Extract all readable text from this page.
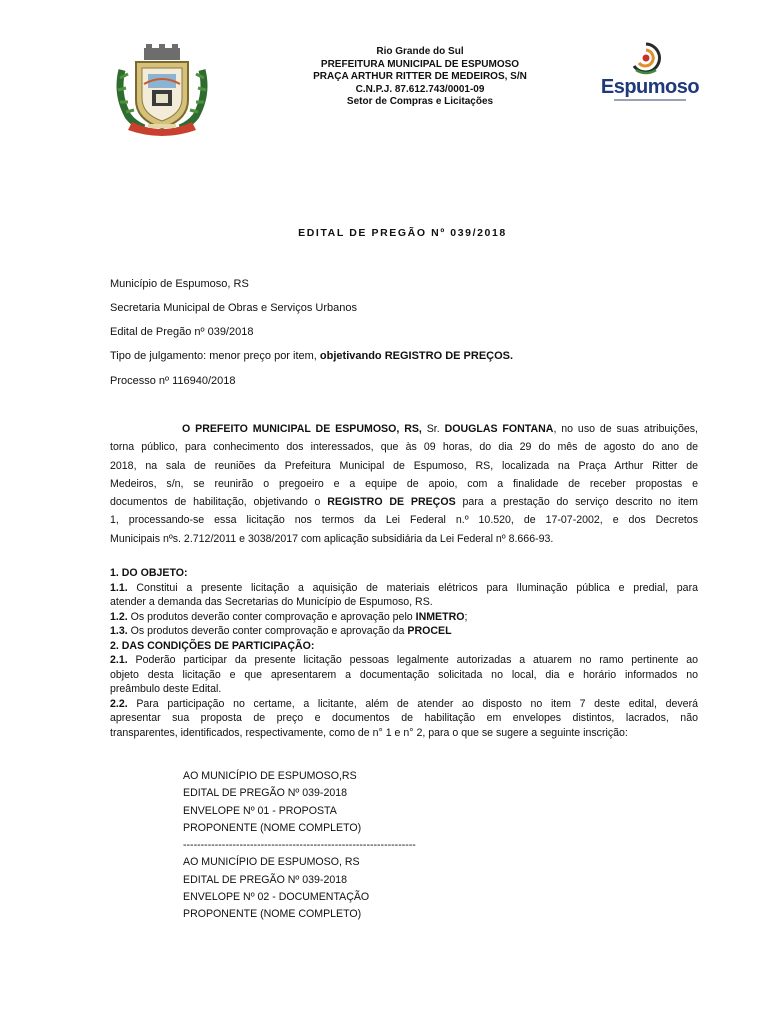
Rio Grande do Sul
PREFEITURA MUNICIPAL DE ESPUMOSO
PRAÇA ARTHUR RITTER DE MEDEIROS, S/N
C.N.P.J. 87.612.743/0001-09
Setor de Compras e Licitações
Espumoso
EDITAL DE PREGÃO Nº 039/2018
Município de Espumoso, RS
Secretaria Municipal de Obras e Serviços Urbanos
Edital de Pregão nº 039/2018
Tipo de julgamento: menor preço por item, objetivando REGISTRO DE PREÇOS.
Processo nº 116940/2018
O PREFEITO MUNICIPAL DE ESPUMOSO, RS, Sr. DOUGLAS FONTANA, no uso de suas atribuições,
torna público, para conhecimento dos interessados, que às 09 horas, do dia 29 do mês de agosto do ano de
2018, na sala de reuniões da Prefeitura Municipal de Espumoso, RS, localizada na Praça Arthur Ritter de
Medeiros, s/n, se reunirão o pregoeiro e a equipe de apoio, com a finalidade de receber propostas e
documentos de habilitação, objetivando o REGISTRO DE PREÇOS para a prestação do serviço descrito no item
1, processando-se essa licitação nos termos da Lei Federal n.º 10.520, de 17-07-2002, e dos Decretos
Municipais nºs. 2.712/2011 e 3038/2017 com aplicação subsidiária da Lei Federal nº 8.666-93.
1. DO OBJETO:
1.1. Constitui a presente licitação a aquisição de materiais elétricos para Iluminação pública e predial, para
atender a demanda das Secretarias do Município de Espumoso, RS.
1.2. Os produtos deverão conter comprovação e aprovação pelo INMETRO;
1.3. Os produtos deverão conter comprovação e aprovação da PROCEL
2. DAS CONDIÇÕES DE PARTICIPAÇÃO:
2.1. Poderão participar da presente licitação pessoas legalmente autorizadas a atuarem no ramo pertinente ao
objeto desta licitação e que apresentarem a documentação solicitada no local, dia e horário informados no
preâmbulo deste Edital.
2.2. Para participação no certame, a licitante, além de atender ao disposto no item 7 deste edital, deverá
apresentar sua proposta de preço e documentos de habilitação em envelopes distintos, lacrados, não
transparentes, identificados, respectivamente, como de n° 1 e n° 2, para o que se sugere a seguinte inscrição:
AO MUNICÍPIO DE ESPUMOSO,RS
EDITAL DE PREGÃO Nº 039-2018
ENVELOPE Nº 01 - PROPOSTA
PROPONENTE (NOME COMPLETO)
------------------------------------------------------------------
AO MUNICÍPIO DE ESPUMOSO, RS
EDITAL DE PREGÃO Nº 039-2018
ENVELOPE Nº 02 - DOCUMENTAÇÃO
PROPONENTE (NOME COMPLETO)
